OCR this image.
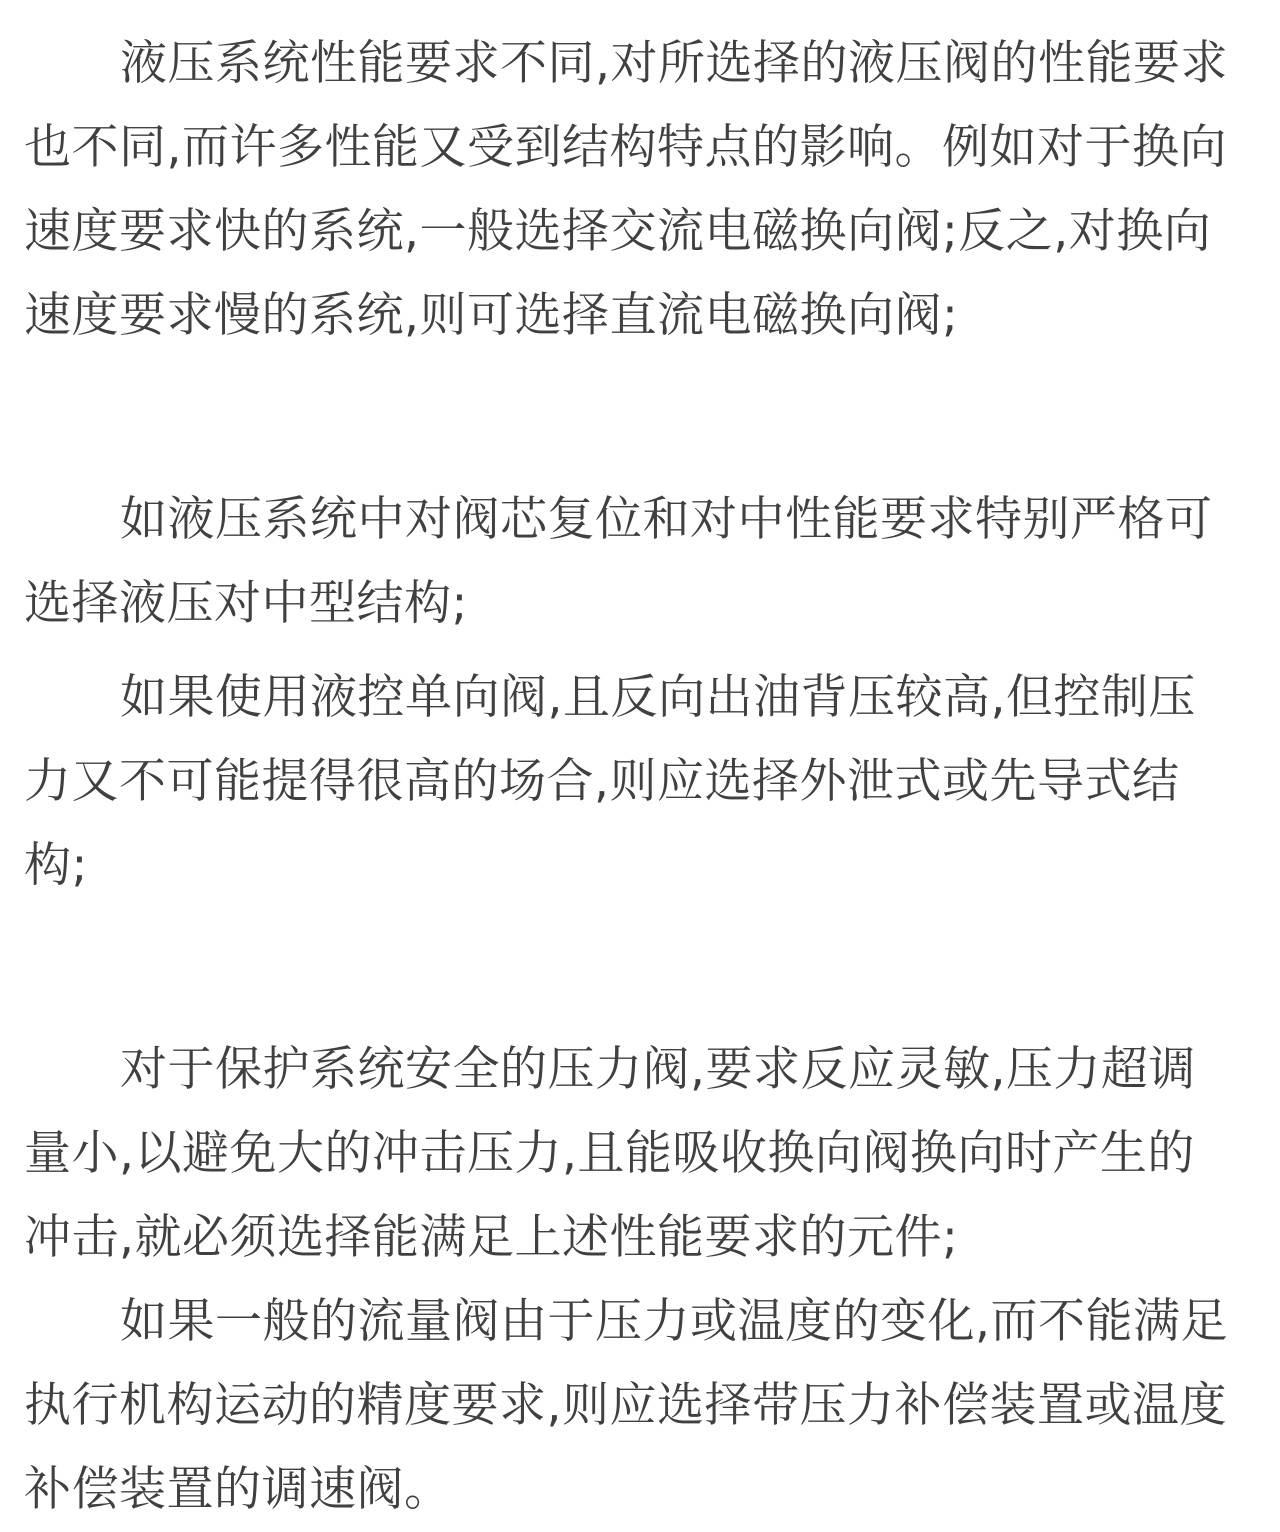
液压系统性能要求不同,对所选择的液压阀的性能要求也不同,而许多性能又受到结构特点的影响。例如对于换向速度要求快的系统,一般选择交流电磁换向阀;反之,对换向速度要求慢的系统,则可选择直流电磁换向阀;

如液压系统中对阀芯复位和对中性能要求特别严格可选择液压对中型结构;

如果使用液控单向阀,且反向出油背压较高,但控制压力又不可能提得很高的场合,则应选择外泄式或先导式结构;

对于保护系统安全的压力阀,要求反应灵敏,压力超调量小,以避免大的冲击压力,且能吸收换向阀换向时产生的冲击,就必须选择能满足上述性能要求的元件;

如果一般的流量阀由于压力或温度的变化,而不能满足执行机构运动的精度要求,则应选择带压力补偿装置或温度补偿装置的调速阀。
